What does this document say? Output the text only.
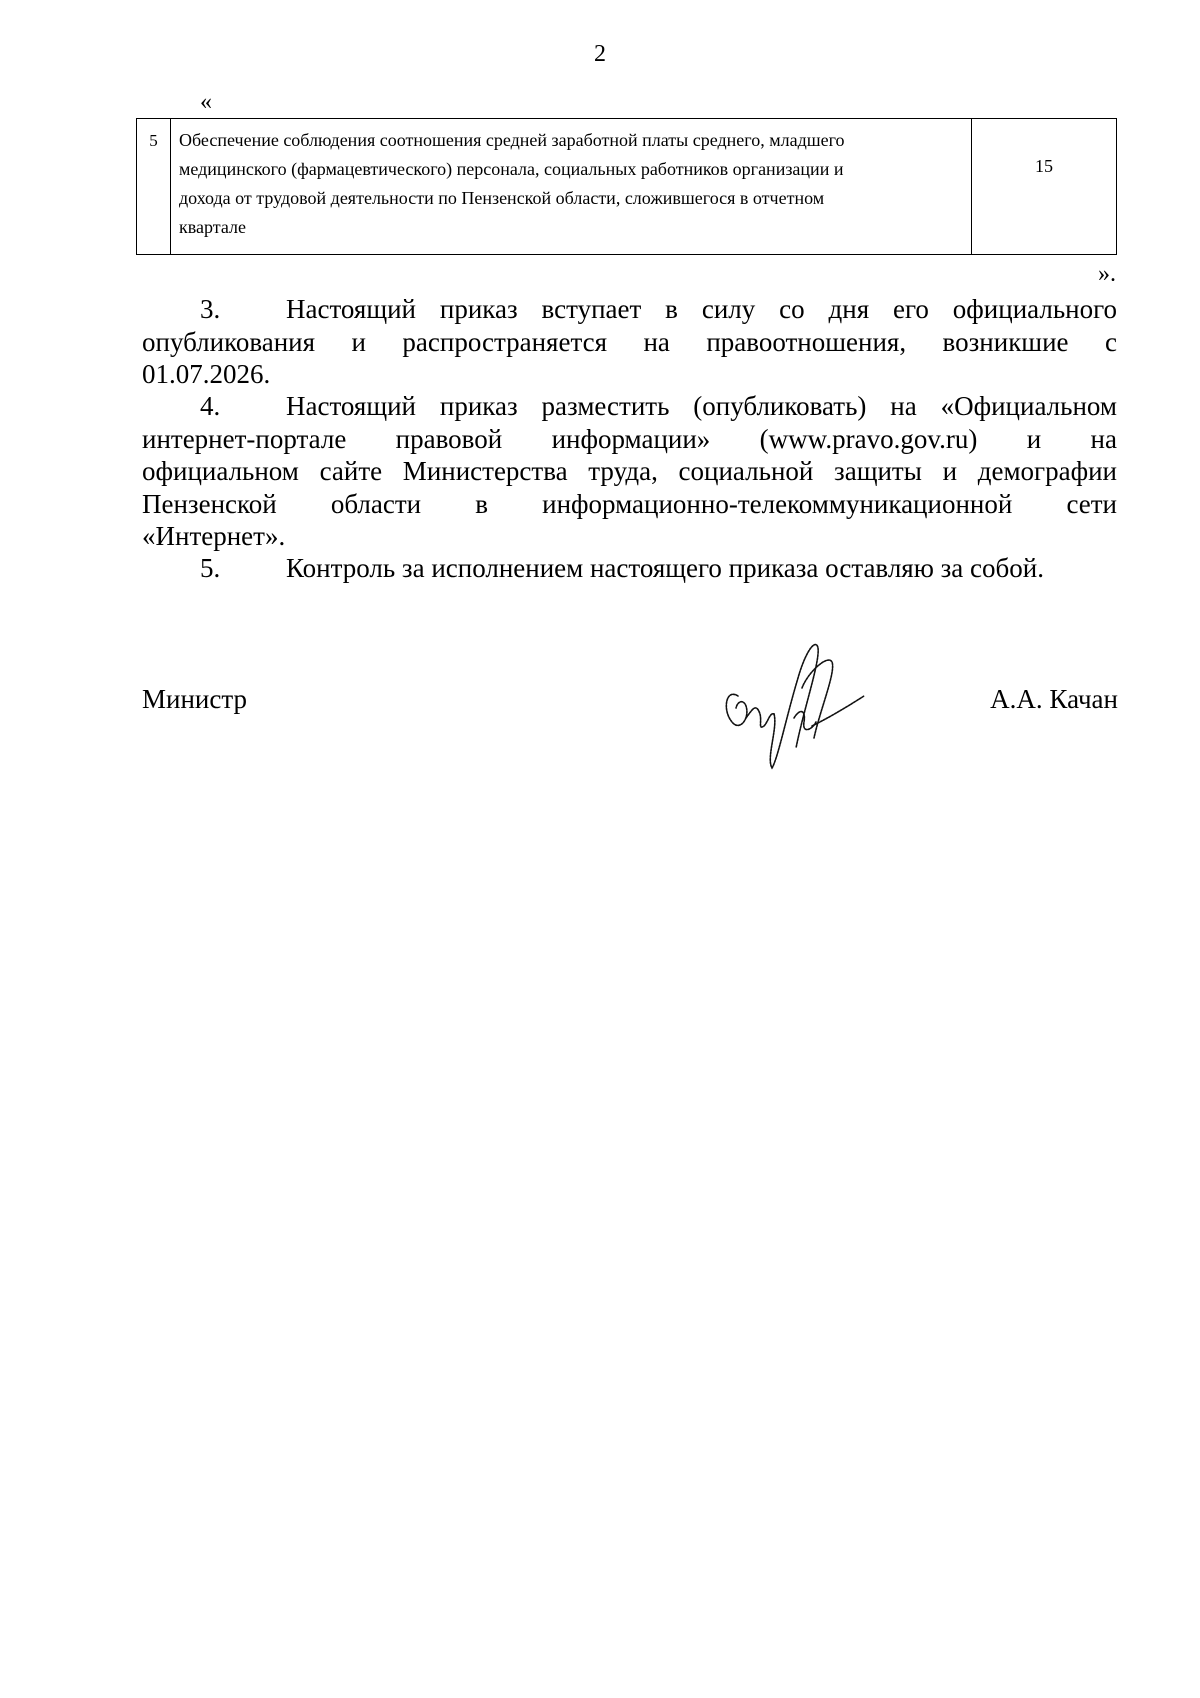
2
«
5	Обеспечение соблюдения соотношения средней заработной платы среднего, младшего
медицинского (фармацевтического) персонала, социальных работников организации и
дохода от трудовой деятельности по Пензенской области, сложившегося в отчетном
квартале
	15
».
3. Настоящий приказ вступает в силу со дня его официального
опубликования и распространяется на правоотношения, возникшие с
01.07.2026.
4. Настоящий приказ разместить (опубликовать) на «Официальном
интернет-портале правовой информации» (www.pravo.gov.ru) и на
официальном сайте Министерства труда, социальной защиты и демографии
Пензенской области в информационно-телекоммуникационной сети
«Интернет».
5. Контроль за исполнением настоящего приказа оставляю за собой.
Министр	А.А. Качан
